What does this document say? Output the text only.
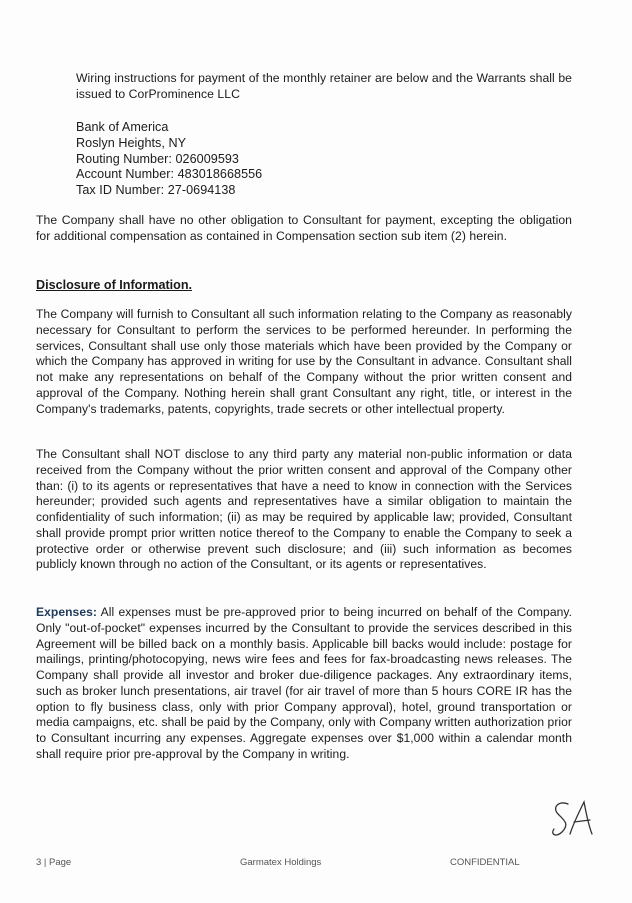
Wiring instructions for payment of the monthly retainer are below and the Warrants shall be issued to CorProminence LLC
Bank of America
Roslyn Heights, NY
Routing Number: 026009593
Account Number: 483018668556
Tax ID Number: 27-0694138
The Company shall have no other obligation to Consultant for payment, excepting the obligation for additional compensation as contained in Compensation section sub item (2) herein.
Disclosure of Information.
The Company will furnish to Consultant all such information relating to the Company as reasonably necessary for Consultant to perform the services to be performed hereunder. In performing the services, Consultant shall use only those materials which have been provided by the Company or which the Company has approved in writing for use by the Consultant in advance. Consultant shall not make any representations on behalf of the Company without the prior written consent and approval of the Company. Nothing herein shall grant Consultant any right, title, or interest in the Company's trademarks, patents, copyrights, trade secrets or other intellectual property.
The Consultant shall NOT disclose to any third party any material non-public information or data received from the Company without the prior written consent and approval of the Company other than: (i) to its agents or representatives that have a need to know in connection with the Services hereunder; provided such agents and representatives have a similar obligation to maintain the confidentiality of such information; (ii) as may be required by applicable law; provided, Consultant shall provide prompt prior written notice thereof to the Company to enable the Company to seek a protective order or otherwise prevent such disclosure; and (iii) such information as becomes publicly known through no action of the Consultant, or its agents or representatives.
Expenses: All expenses must be pre-approved prior to being incurred on behalf of the Company. Only "out-of-pocket" expenses incurred by the Consultant to provide the services described in this Agreement will be billed back on a monthly basis. Applicable bill backs would include: postage for mailings, printing/photocopying, news wire fees and fees for fax-broadcasting news releases. The Company shall provide all investor and broker due-diligence packages. Any extraordinary items, such as broker lunch presentations, air travel (for air travel of more than 5 hours CORE IR has the option to fly business class, only with prior Company approval), hotel, ground transportation or media campaigns, etc. shall be paid by the Company, only with Company written authorization prior to Consultant incurring any expenses. Aggregate expenses over $1,000 within a calendar month shall require prior pre-approval by the Company in writing.
3 | Page	Garmatex Holdings	CONFIDENTIAL
